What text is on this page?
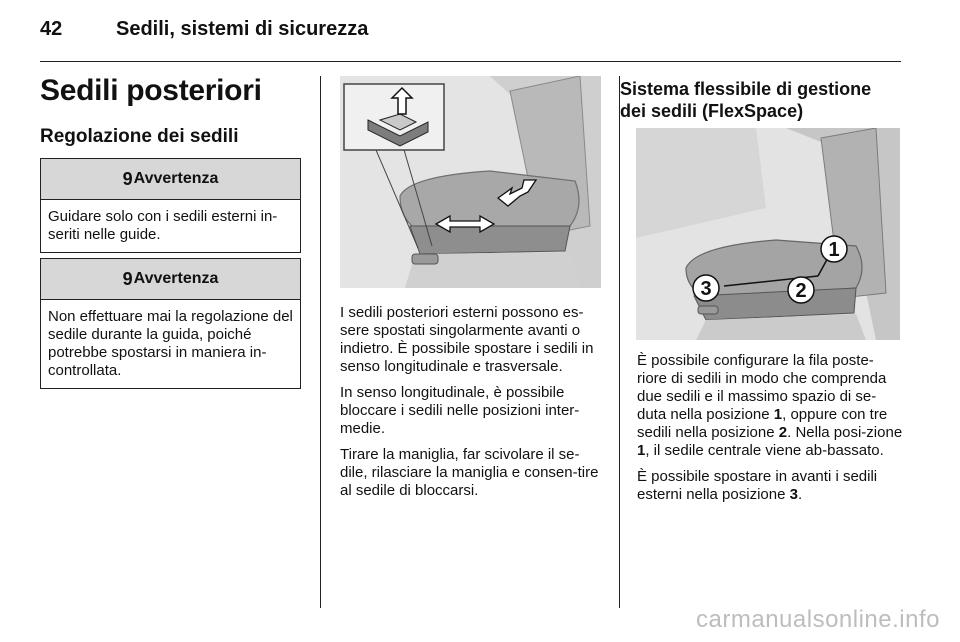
42	Sedili, sistemi di sicurezza
Sedili posteriori
Regolazione dei sedili
9 Avvertenza
Guidare solo con i sedili esterni in-seriti nelle guide.
9 Avvertenza
Non effettuare mai la regolazione del sedile durante la guida, poiché potrebbe spostarsi in maniera in-controllata.

I sedili posteriori esterni possono es-sere spostati singolarmente avanti o indietro. È possibile spostare i sedili in senso longitudinale e trasversale.

In senso longitudinale, è possibile bloccare i sedili nelle posizioni inter-medie.

Tirare la maniglia, far scivolare il se-dile, rilasciare la maniglia e consen-tire al sedile di bloccarsi.

Sistema flessibile di gestione dei sedili (FlexSpace)
1
2
3

È possibile configurare la fila poste-riore di sedili in modo che comprenda due sedili e il massimo spazio di se-duta nella posizione 1, oppure con tre sedili nella posizione 2. Nella posi-zione 1, il sedile centrale viene ab-bassato.

È possibile spostare in avanti i sedili esterni nella posizione 3.

carmanualsonline.info
